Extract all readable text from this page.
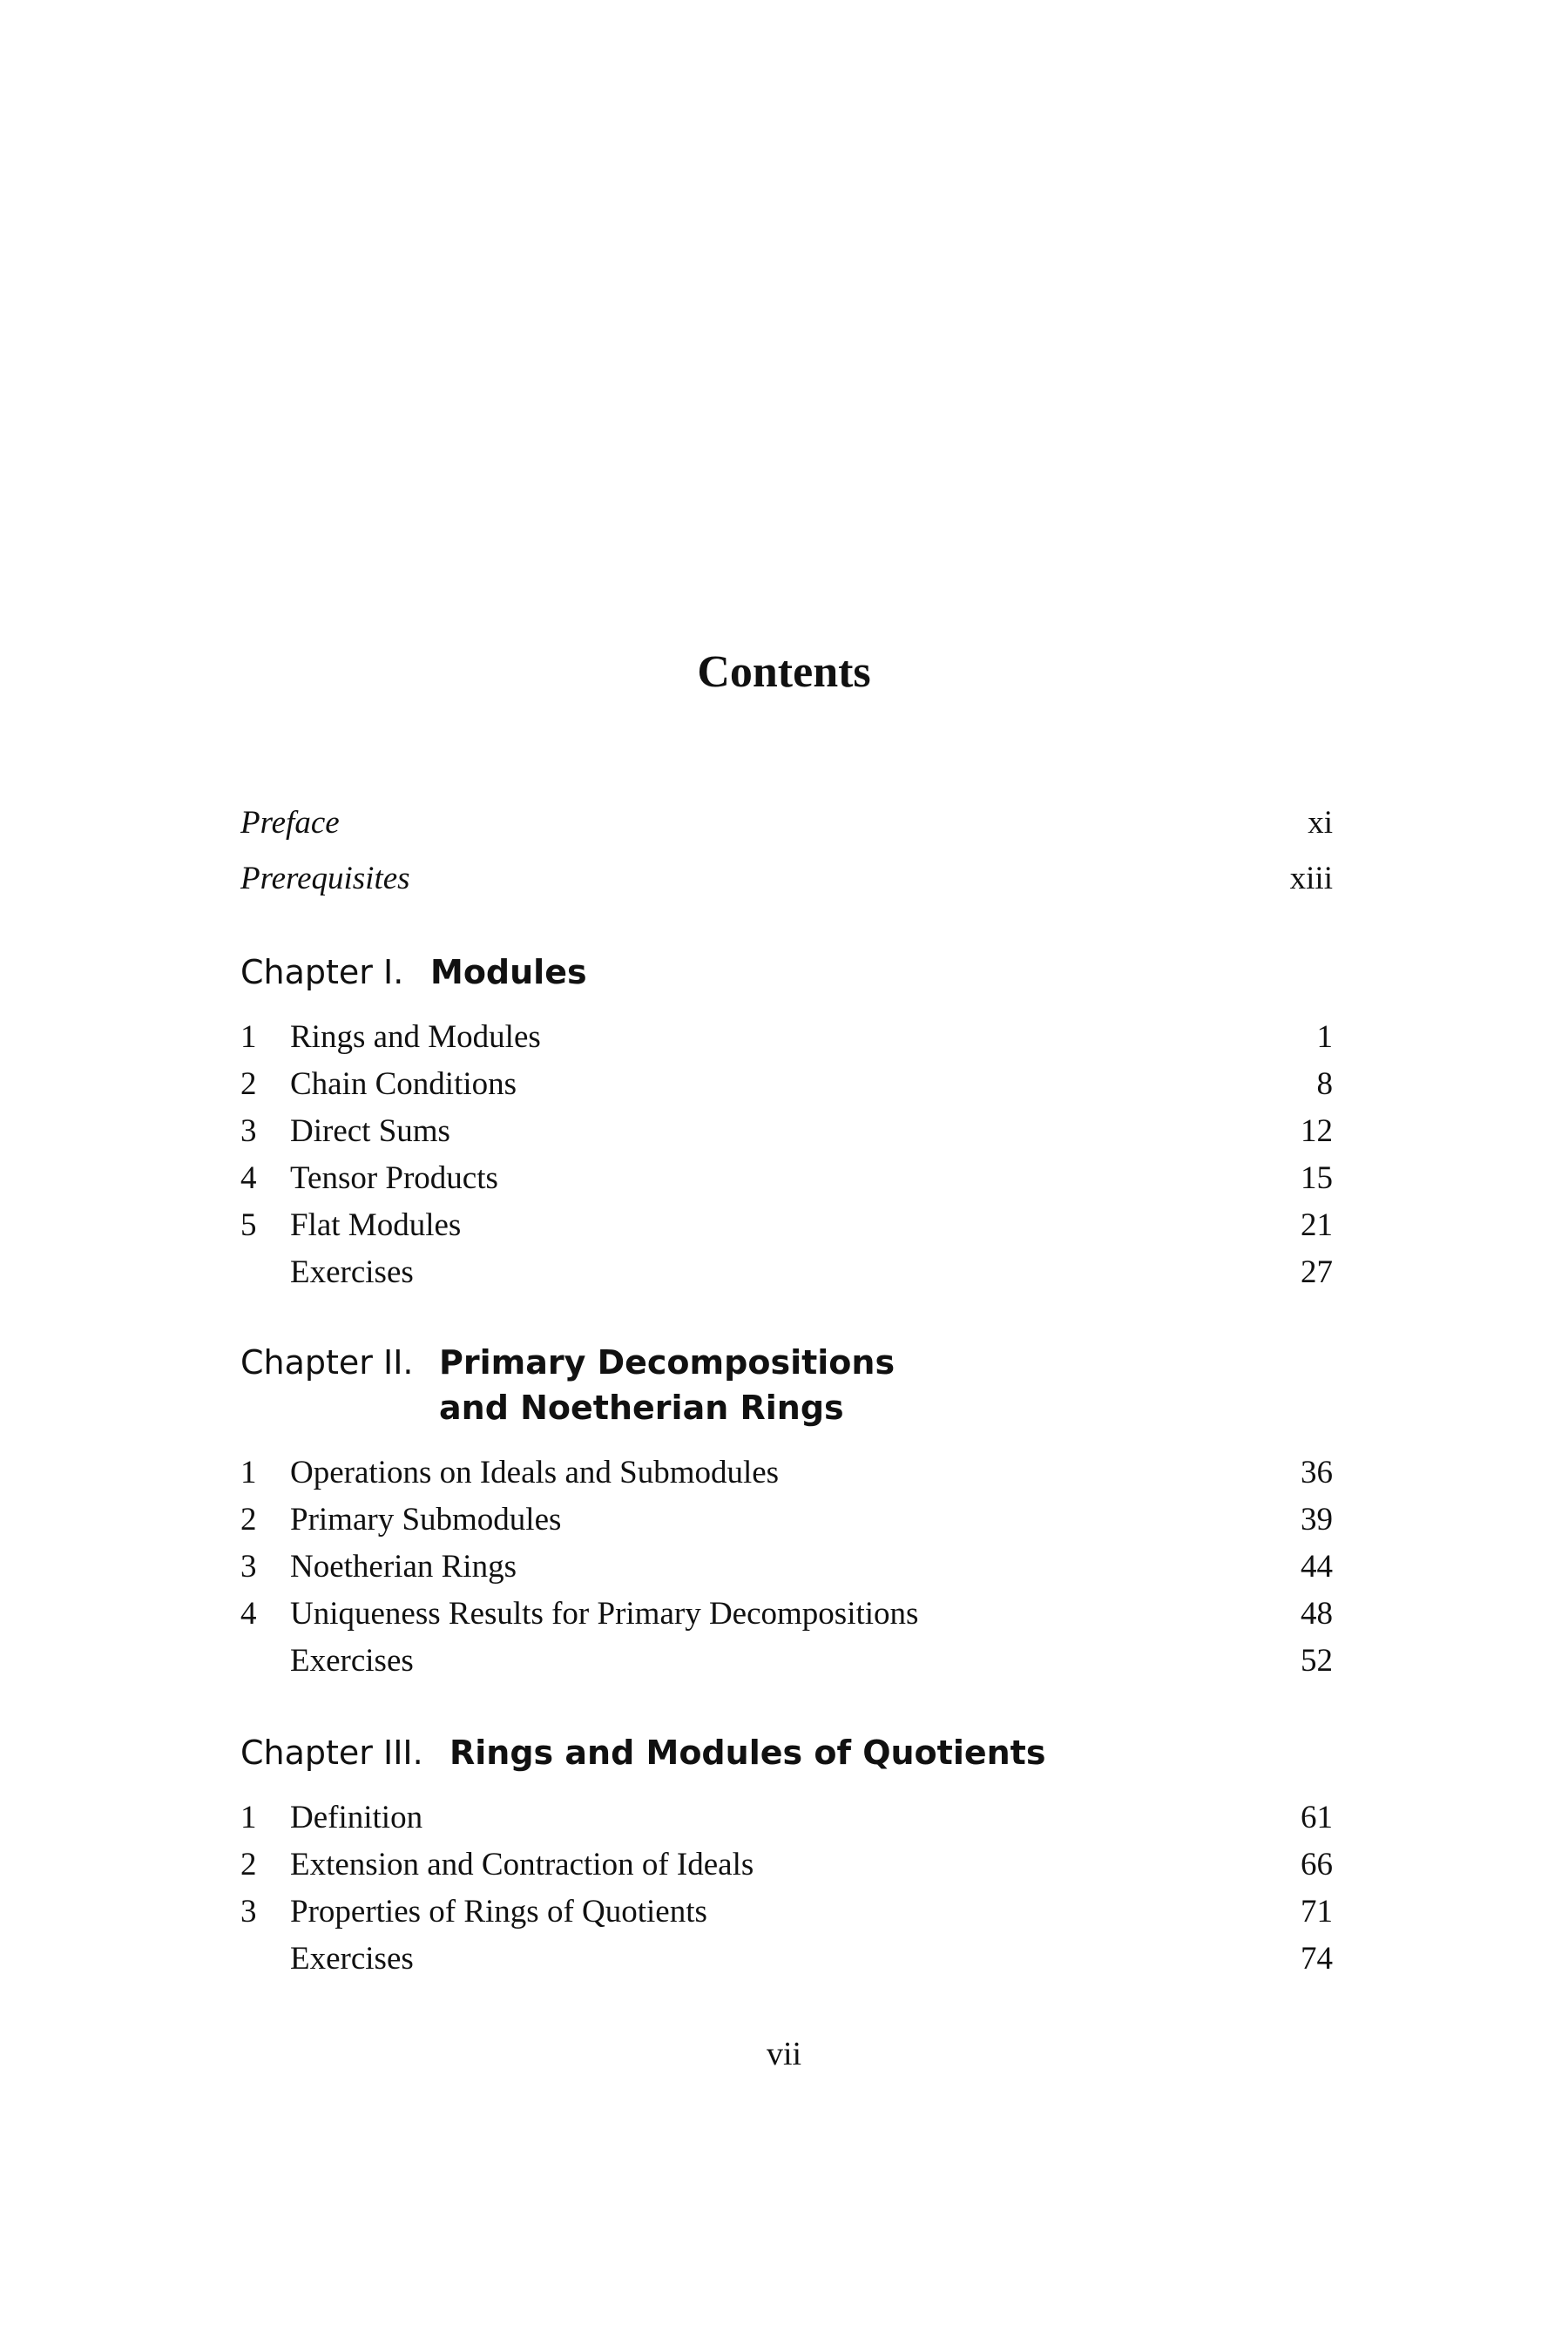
Contents
Preface	xi
Prerequisites	xiii
Chapter I. Modules
1 Rings and Modules	1
2 Chain Conditions	8
3 Direct Sums	12
4 Tensor Products	15
5 Flat Modules	21
Exercises	27
Chapter II. Primary Decompositions
and Noetherian Rings
1 Operations on Ideals and Submodules	36
2 Primary Submodules	39
3 Noetherian Rings	44
4 Uniqueness Results for Primary Decompositions	48
Exercises	52
Chapter III. Rings and Modules of Quotients
1 Definition	61
2 Extension and Contraction of Ideals	66
3 Properties of Rings of Quotients	71
Exercises	74
vii
